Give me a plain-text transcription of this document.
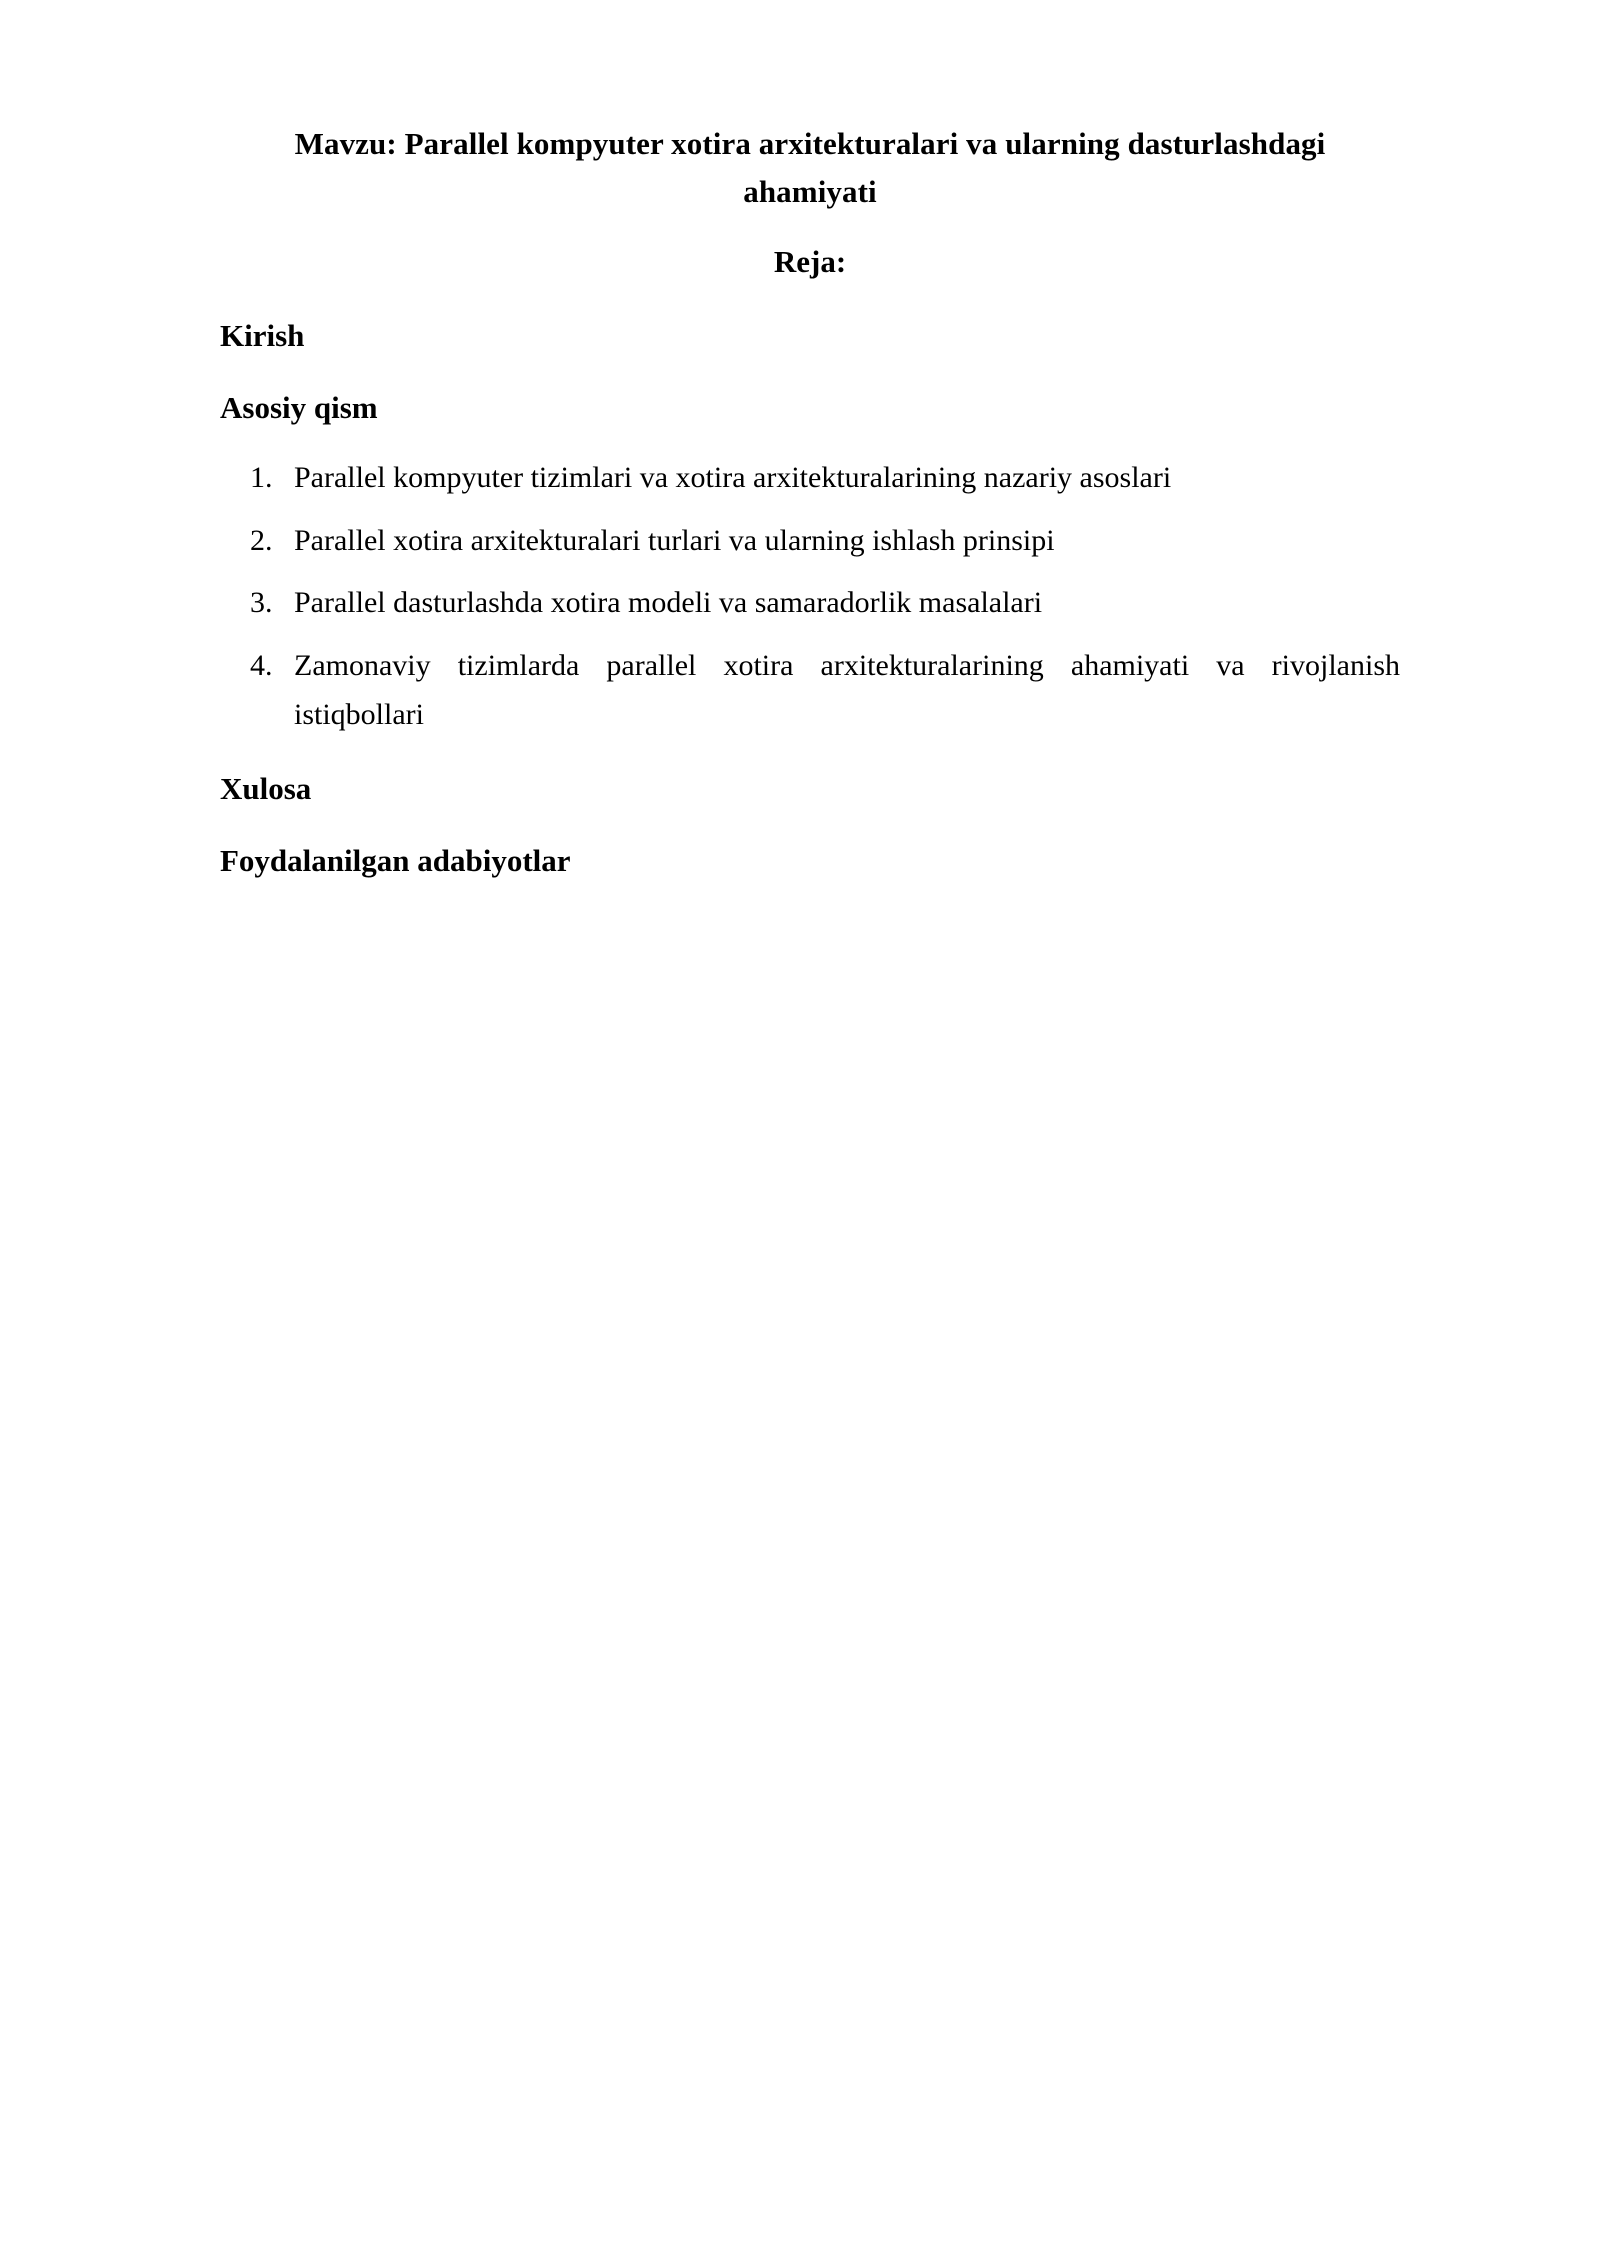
Mavzu: Parallel kompyuter xotira arxitekturalari va ularning dasturlashdagi ahamiyati
Reja:
Kirish
Asosiy qism
1. Parallel kompyuter tizimlari va xotira arxitekturalarining nazariy asoslari
2. Parallel xotira arxitekturalari turlari va ularning ishlash prinsipi
3. Parallel dasturlashda xotira modeli va samaradorlik masalalari
4. Zamonaviy tizimlarda parallel xotira arxitekturalarining ahamiyati va rivojlanish istiqbollari
Xulosa
Foydalanilgan adabiyotlar
